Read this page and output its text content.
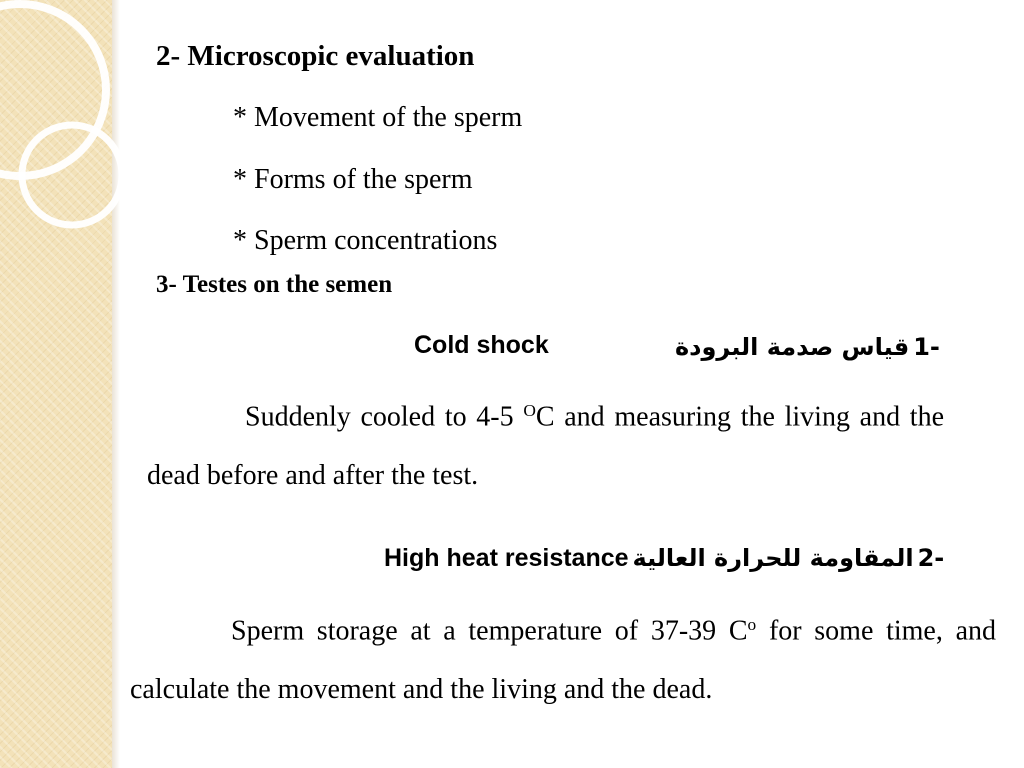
2- Microscopic evaluation
* Movement of the sperm
* Forms of the sperm
* Sperm concentrations
3- Testes on the semen
Cold shock	قياس صدمة البرودة 1-
Suddenly cooled to 4-5 $^O$C and measuring the living and the dead before and after the test.
High heat resistance المقاومة للحرارة العالية 2-
Sperm storage at a temperature of 37-39 $C^o$ for some time, and calculate the movement and the living and the dead.
